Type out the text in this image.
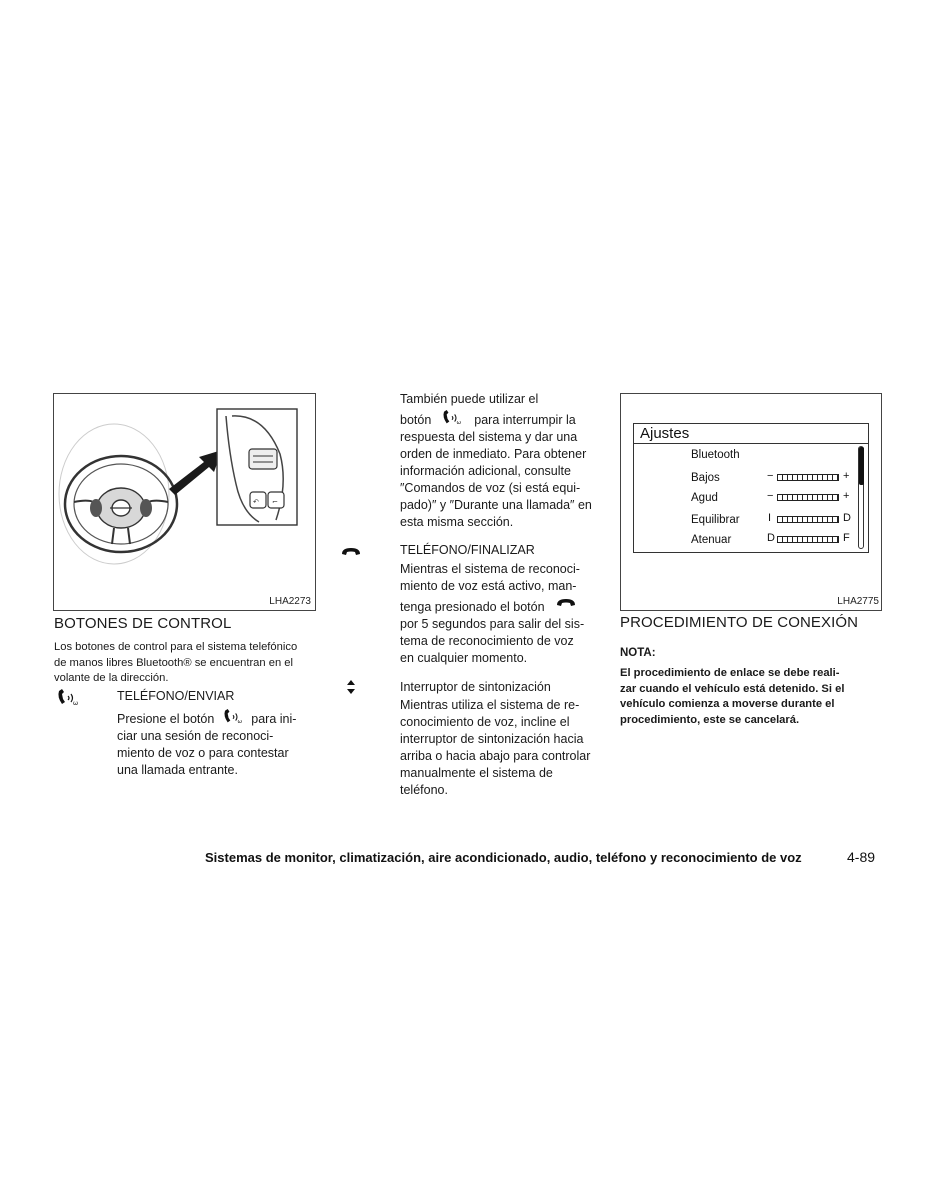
↶ ⌐
LHA2273
BOTONES DE CONTROL
Los botones de control para el sistema telefónico
de manos libres Bluetooth® se encuentran en el
volante de la dirección.
ω
TELÉFONO/ENVIAR
Presione el botón	ω para ini-
ciar una sesión de reconoci-
miento de voz o para contestar
una llamada entrante.
También puede utilizar el
botón	ω para interrumpir la
respuesta del sistema y dar una
orden de inmediato. Para obtener
información adicional, consulte
″Comandos de voz (si está equi-
pado)″ y ″Durante una llamada″ en
esta misma sección.
TELÉFONO/FINALIZAR
Mientras el sistema de reconoci-
miento de voz está activo, man-
tenga presionado el botón
por 5 segundos para salir del sis-
tema de reconocimiento de voz
en cualquier momento.
Interruptor de sintonización
Mientras utiliza el sistema de re-
conocimiento de voz, incline el
interruptor de sintonización hacia
arriba o hacia abajo para controlar
manualmente el sistema de
teléfono.
Ajustes
Bluetooth
Bajos	−	+
Agud	−	+
Equilibrar	I	D
Atenuar	D	F
LHA2775
PROCEDIMIENTO DE CONEXIÓN
NOTA:
El procedimiento de enlace se debe reali-
zar cuando el vehículo está detenido. Si el
vehículo comienza a moverse durante el
procedimiento, este se cancelará.
Sistemas de monitor, climatización, aire acondicionado, audio, teléfono y reconocimiento de voz	4-89
